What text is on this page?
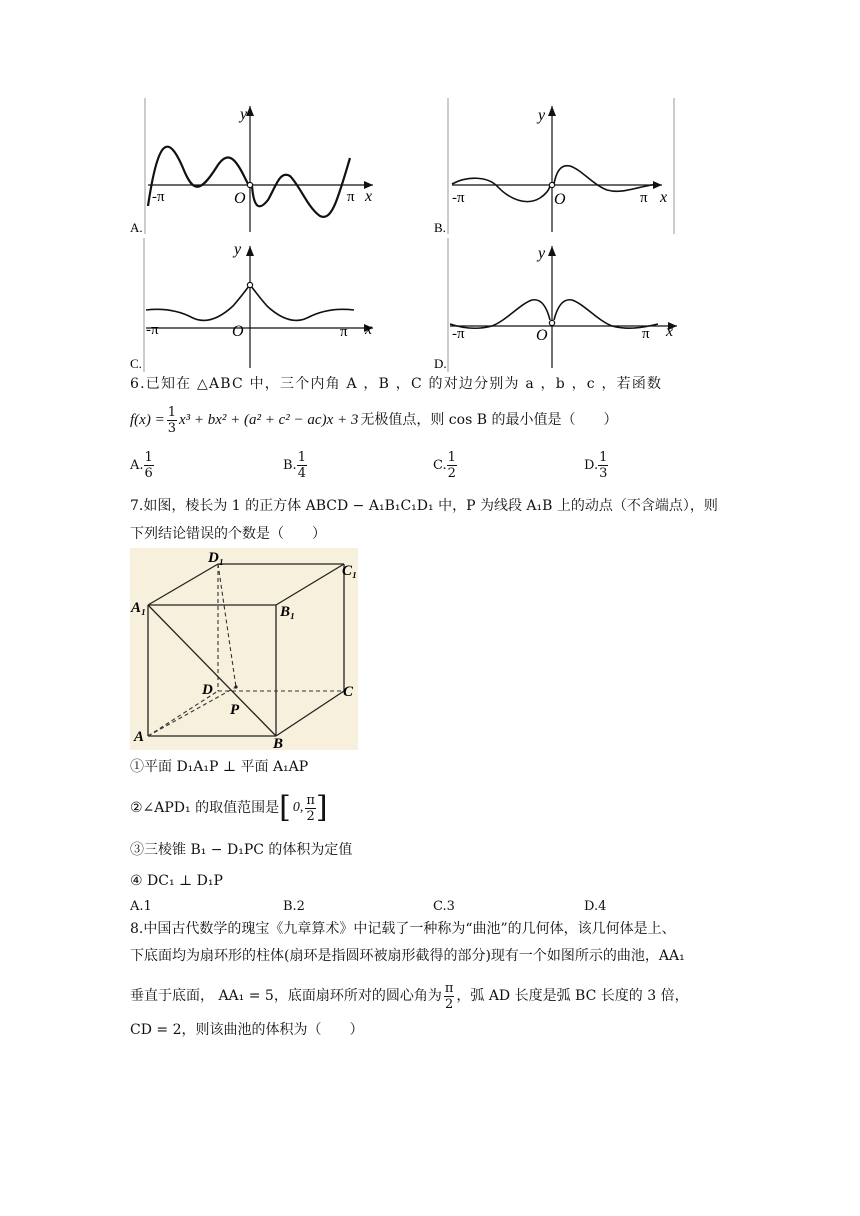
y
x
O
-π	π
A.
y
x
O
-π	π
B.
y
x
O
-π	π
C.
y
x
O
-π	π
D.
6.已知在 △ABC 中，三个内角 A ，B ，C 的对边分别为 a ，b ，c ，若函数
$f(x) = \frac{1}{3} x^3 + bx^2 + (a^2 + c^2 - ac)x + 3$ 无极值点，则 cos B 的最小值是（　　）
A. $\frac{1}{6}$	B. $\frac{1}{4}$	C. $\frac{1}{2}$	D. $\frac{1}{3}$
7.如图，棱长为 1 的正方体 ABCD − A₁B₁C₁D₁ 中，P 为线段 A₁B 上的动点（不含端点），则
下列结论错误的个数是（　　）
D₁
C₁
A₁	B₁
D	C
P
A	B
①平面 D₁A₁P ⊥ 平面 A₁AP
②∠APD₁ 的取值范围是 [ 0, $\frac{\pi}{2}$ ]
③三棱锥 B₁ − D₁PC 的体积为定值
④ DC₁ ⊥ D₁P
A.1	B.2	C.3	D.4
8.中国古代数学的瑰宝《九章算术》中记载了一种称为“曲池”的几何体，该几何体是上、
下底面均为扇环形的柱体(扇环是指圆环被扇形截得的部分)现有一个如图所示的曲池，AA₁
垂直于底面， AA₁ = 5，底面扇环所对的圆心角为 $\frac{\pi}{2}$ ，弧 AD 长度是弧 BC 长度的 3 倍，
CD = 2，则该曲池的体积为（　　）
